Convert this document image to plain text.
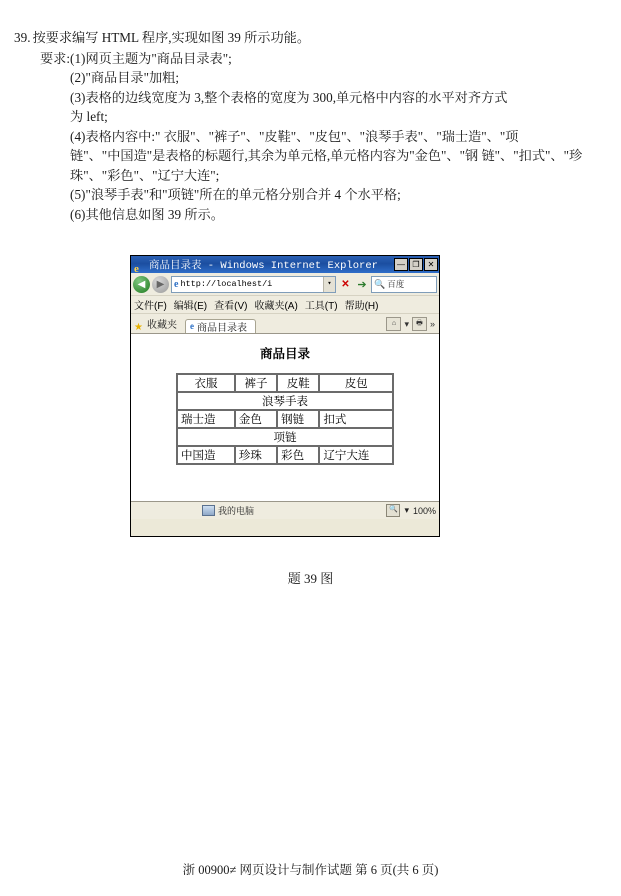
39. 按要求编写 HTML 程序,实现如图 39 所示功能。
要求: (1) 网页主题为"商品目录表";
(2) "商品目录"加粗;
(3) 表格的边线宽度为 3,整个表格的宽度为 300,单元格中内容的水平对齐方式
为 left;
(4) 表格内容中:" 衣服"、"裤子"、"皮鞋"、"皮包"、"浪琴手表"、"瑞士造"、"项
链"、"中国造"是表格的标题行,其余为单元格,单元格内容为"金色"、"钢 链"、"扣式"、"珍珠"、"彩色"、"辽宁大连";
(5) "浪琴手表"和"项链"所在的单元格分别合并 4 个水平格;
(6) 其他信息如图 39 所示。
e 商品目录表 - Windows Internet Explorer	— ❐	✕
◀	▶ e http://localhest/i	▾ ✕ ➔ 🔍 百度
文件(F) 编辑(E) 查看(V) 收藏夹(A) 工具(T) 帮助(H)
★ 收藏夹 e 商品目录表	⌂ ▾	🖶 »
商品目录
衣服	裤子	皮鞋	皮包
浪琴手表			
瑞士造	金色	钢链	扣式
项链			
中国造	珍珠	彩色	辽宁大连
我的电脑	🔍 ▾ 100%
题 39 图
浙 00900≠ 网页设计与制作试题 第 6 页(共 6 页)
